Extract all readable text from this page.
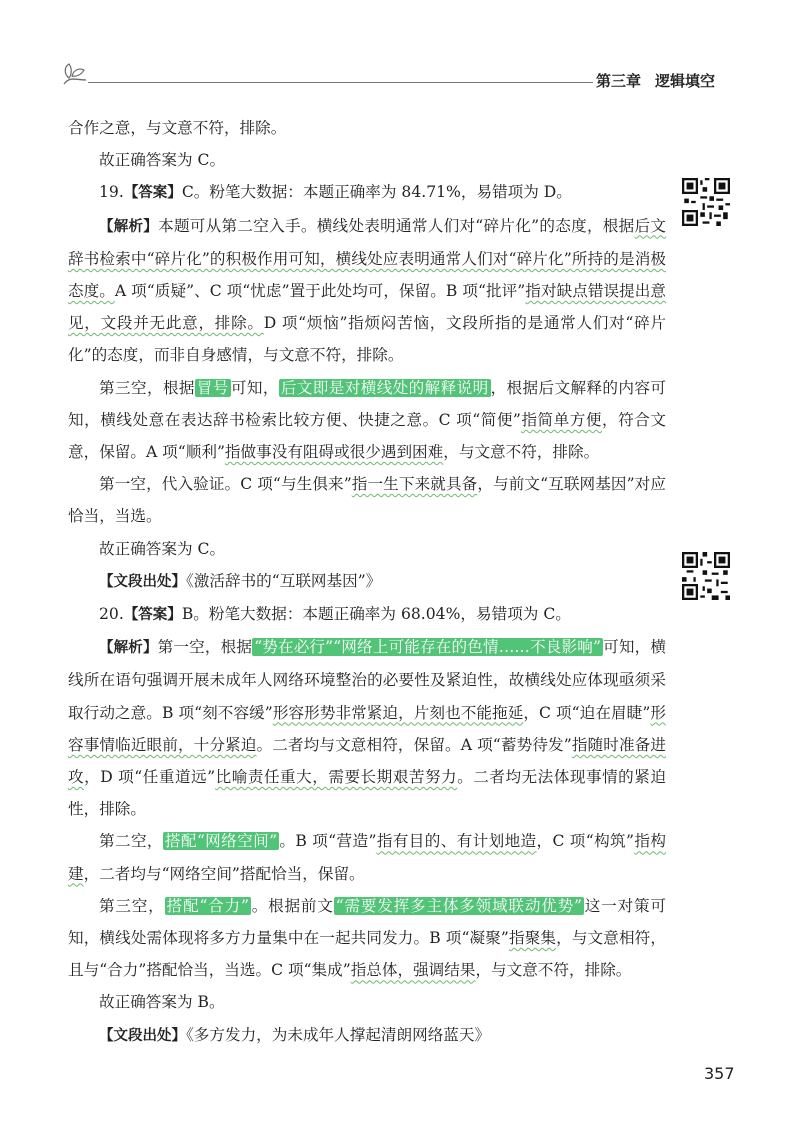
第三章 逻辑填空

合作之意，与文意不符，排除。

故正确答案为 C。

19.【答案】C。粉笔大数据：本题正确率为 84.71%，易错项为 D。

【解析】本题可从第二空入手。横线处表明通常人们对“碎片化”的态度，根据后文辞书检索中“碎片化”的积极作用可知，横线处应表明通常人们对“碎片化”所持的是消极态度。A 项“质疑”、C 项“忧虑”置于此处均可，保留。B 项“批评”指对缺点错误提出意见，文段并无此意，排除。D 项“烦恼”指烦闷苦恼，文段所指的是通常人们对“碎片化”的态度，而非自身感情，与文意不符，排除。

第三空，根据 冒号 可知， 后文即是对横线处的解释说明 ，根据后文解释的内容可知，横线处意在表达辞书检索比较方便、快捷之意。C 项“简便”指简单方便，符合文意，保留。A 项“顺利”指做事没有阻碍或很少遇到困难，与文意不符，排除。

第一空，代入验证。C 项“与生俱来”指一生下来就具备，与前文“互联网基因”对应恰当，当选。

故正确答案为 C。

【文段出处】《激活辞书的“互联网基因”》

20.【答案】B。粉笔大数据：本题正确率为 68.04%，易错项为 C。

【解析】第一空，根据 “势在必行”“网络上可能存在的色情……不良影响” 可知，横线所在语句强调开展未成年人网络环境整治的必要性及紧迫性，故横线处应体现亟须采取行动之意。B 项“刻不容缓”形容形势非常紧迫，片刻也不能拖延，C 项“迫在眉睫”形容事情临近眼前，十分紧迫。二者均与文意相符，保留。A 项“蓄势待发”指随时准备进攻，D 项“任重道远”比喻责任重大，需要长期艰苦努力。二者均无法体现事情的紧迫性，排除。

第二空， 搭配“网络空间” 。B 项“营造”指有目的、有计划地造，C 项“构筑”指构建，二者均与“网络空间”搭配恰当，保留。

第三空， 搭配“合力” 。根据前文 “需要发挥多主体多领域联动优势” 这一对策可知，横线处需体现将多方力量集中在一起共同发力。B 项“凝聚”指聚集，与文意相符，且与“合力”搭配恰当，当选。C 项“集成”指总体，强调结果，与文意不符，排除。

故正确答案为 B。

【文段出处】《多方发力，为未成年人撑起清朗网络蓝天》

357
